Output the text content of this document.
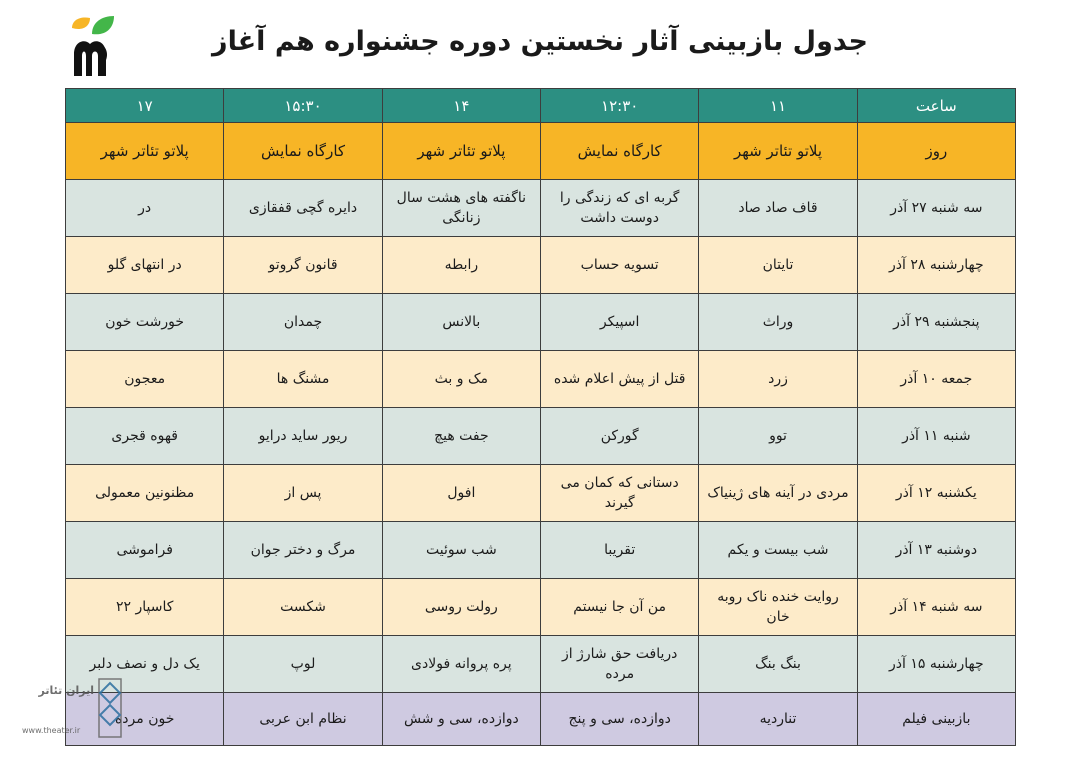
جدول بازبینی آثار نخستین دوره جشنواره هم آغاز
ساعت	۱۱	۱۲:۳۰	۱۴	۱۵:۳۰	۱۷
روز	پلاتو تئاتر شهر	کارگاه نمایش	پلاتو تئاتر شهر	کارگاه نمایش	پلاتو تئاتر شهر
سه شنبه ۲۷ آذر	قاف صاد صاد	گربه ای که زندگی را دوست داشت	ناگفته های هشت سال زنانگی	دایره گچی قفقازی	در
چهارشنبه ۲۸ آذر	تایتان	تسویه حساب	رابطه	قانون گروتو	در انتهای گلو
پنجشنبه ۲۹ آذر	وراث	اسپیکر	بالانس	چمدان	خورشت خون
جمعه ۱۰ آذر	زرد	قتل از پیش اعلام شده	مک و بث	مشنگ ها	معجون
شنبه ۱۱ آذر	توو	گورکن	جفت هیچ	ریور ساید درایو	قهوه قجری
یکشنبه ۱۲ آذر	مردی در آینه های ژینیاک	دستانی که کمان می گیرند	افول	پس از	مظنونین معمولی
دوشنبه ۱۳ آذر	شب بیست و یکم	تقریبا	شب سوئیت	مرگ و دختر جوان	فراموشی
سه شنبه ۱۴ آذر	روایت خنده ناک روبه خان	من آن جا نیستم	رولت روسی	شکست	کاسپار ۲۲
چهارشنبه ۱۵ آذر	بنگ بنگ	دریافت حق شارژ از مرده	پره پروانه فولادی	لوپ	یک دل و نصف دلبر
بازبینی فیلم	تناردیه	دوازده، سی و پنج	دوازده، سی و شش	نظام ابن عربی	خون مرده
ایران تئاتر
www.theater.ir
